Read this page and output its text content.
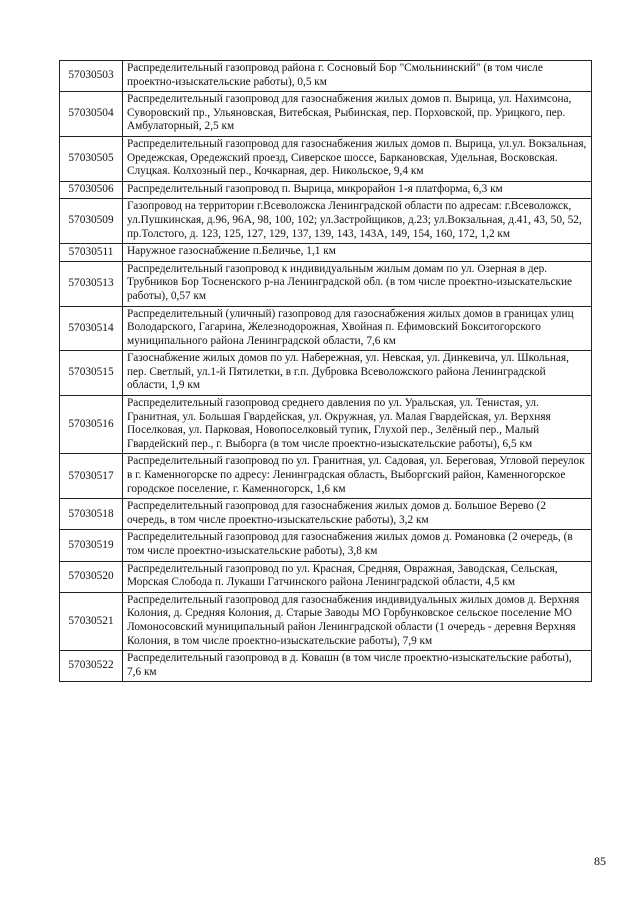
57030503	Распределительный газопровод района г. Сосновый Бор "Смольнинский" (в том числе проектно-изыскательские работы), 0,5 км
57030504	Распределительный газопровод для газоснабжения жилых домов п. Вырица, ул. Нахимсона, Суворовский пр., Ульяновская, Витебская, Рыбинская, пер. Порховской, пр. Урицкого, пер. Амбулаторный, 2,5 км
57030505	Распределительный газопровод для газоснабжения жилых домов п. Вырица, ул.ул. Вокзальная, Оредежская, Оредежский проезд, Сиверское шоссе, Баркановская, Удельная, Восковская. Слуцкая. Колхозный пер., Кочкарная, дер. Никольское, 9,4 км
57030506	Распределительный газопровод п. Вырица, микрорайон 1-я платформа, 6,3 км
57030509	Газопровод на территории г.Всеволожска Ленинградской области по адресам: г.Всеволожск, ул.Пушкинская, д.96, 96А, 98, 100, 102; ул.Застройщиков, д.23; ул.Вокзальная, д.41, 43, 50, 52, пр.Толстого, д. 123, 125, 127, 129, 137, 139, 143, 143А, 149, 154, 160, 172, 1,2 км
57030511	Наружное газоснабжение п.Беличье, 1,1 км
57030513	Распределительный газопровод к индивидуальным жилым домам по ул. Озерная в дер. Трубников Бор Тосненского р-на Ленинградской обл. (в том числе проектно-изыскательские работы), 0,57 км
57030514	Распределительный (уличный) газопровод для газоснабжения жилых домов в границах улиц Володарского, Гагарина, Железнодорожная, Хвойная п. Ефимовский Бокситогорского муниципального района Ленинградской области, 7,6 км
57030515	Газоснабжение жилых домов по ул. Набережная, ул. Невская, ул. Динкевича, ул. Школьная, пер. Светлый, ул.1-й Пятилетки, в г.п. Дубровка Всеволожского района Ленинградской области, 1,9 км
57030516	Распределительный газопровод среднего давления по ул. Уральская, ул. Тенистая, ул. Гранитная, ул. Большая Гвардейская, ул. Окружная, ул. Малая Гвардейская, ул. Верхняя Поселковая, ул. Парковая, Новопоселковый тупик, Глухой пер., Зелёный пер., Малый Гвардейский пер., г. Выборга (в том числе проектно-изыскательские работы), 6,5 км
57030517	Распределительный газопровод по ул. Гранитная, ул. Садовая, ул. Береговая, Угловой переулок в г. Каменногорске по адресу: Ленинградская область, Выборгский район, Каменногорское городское поселение, г. Каменногорск, 1,6 км
57030518	Распределительный газопровод для газоснабжения жилых домов д. Большое Верево (2 очередь, в том числе проектно-изыскательские работы), 3,2 км
57030519	Распределительный газопровод для газоснабжения жилых домов д. Романовка (2 очередь, (в том числе проектно-изыскательские работы), 3,8 км
57030520	Распределительный газопровод по ул. Красная, Средняя, Овражная, Заводская, Сельская, Морская Слобода п. Лукаши Гатчинского района Ленинградской области, 4,5 км
57030521	Распределительный газопровод для газоснабжения индивидуальных жилых домов д. Верхняя Колония, д. Средняя Колония, д. Старые Заводы МО Горбунковское сельское поселение МО Ломоносовский муниципальный район Ленинградской области (1 очередь - деревня Верхняя Колония, в том числе проектно-изыскательские работы), 7,9 км
57030522	Распределительный газопровод в д. Ковашн (в том числе проектно-изыскательские работы), 7,6 км
85
